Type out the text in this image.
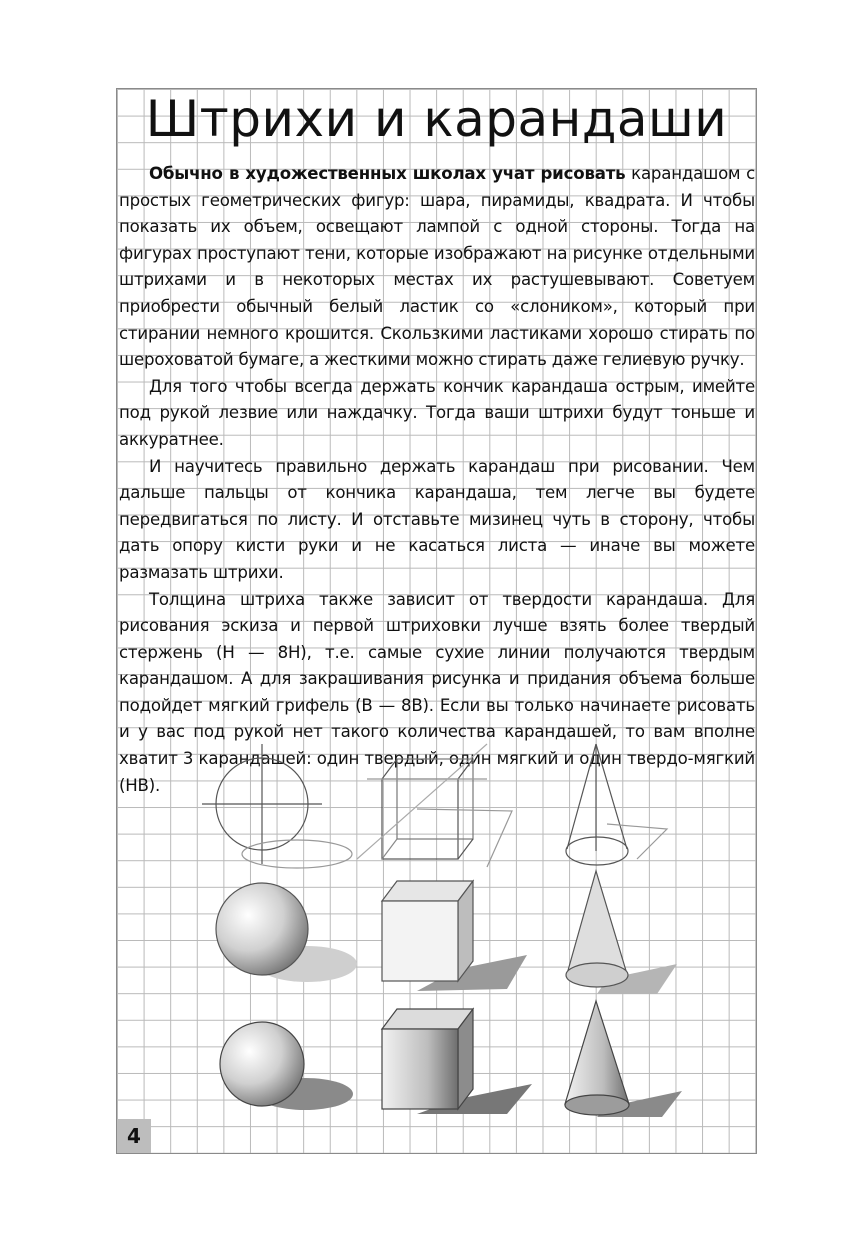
Штрихи и карандаши

Обычно в художественных школах учат рисовать карандашом с простых геометрических фигур: шара, пирамиды, квадрата. И чтобы показать их объем, освещают лампой с одной стороны. Тогда на фигурах проступают тени, которые изображают на рисунке отдельными штрихами и в некоторых местах их растушевывают. Советуем приобрести обычный белый ластик со «слоником», который при стирании немного крошится. Скользкими ластиками хорошо стирать по шероховатой бумаге, а жесткими можно стирать даже гелиевую ручку.

Для того чтобы всегда держать кончик карандаша острым, имейте под рукой лезвие или наждачку. Тогда ваши штрихи будут тоньше и аккуратнее.

И научитесь правильно держать карандаш при рисовании. Чем дальше пальцы от кончика карандаша, тем легче вы будете передвигаться по листу. И отставьте мизинец чуть в сторону, чтобы дать опору кисти руки и не касаться листа — иначе вы можете размазать штрихи.

Толщина штриха также зависит от твердости карандаша. Для рисования эскиза и первой штриховки лучше взять более твердый стержень (H — 8H), т.е. самые сухие линии получаются твердым карандашом. А для закрашивания рисунка и придания объема больше подойдет мягкий грифель (B — 8B). Если вы только начинаете рисовать и у вас под рукой нет такого количества карандашей, то вам вполне хватит 3 карандашей: один твердый, один мягкий и один твердо-мягкий (HB).

4
